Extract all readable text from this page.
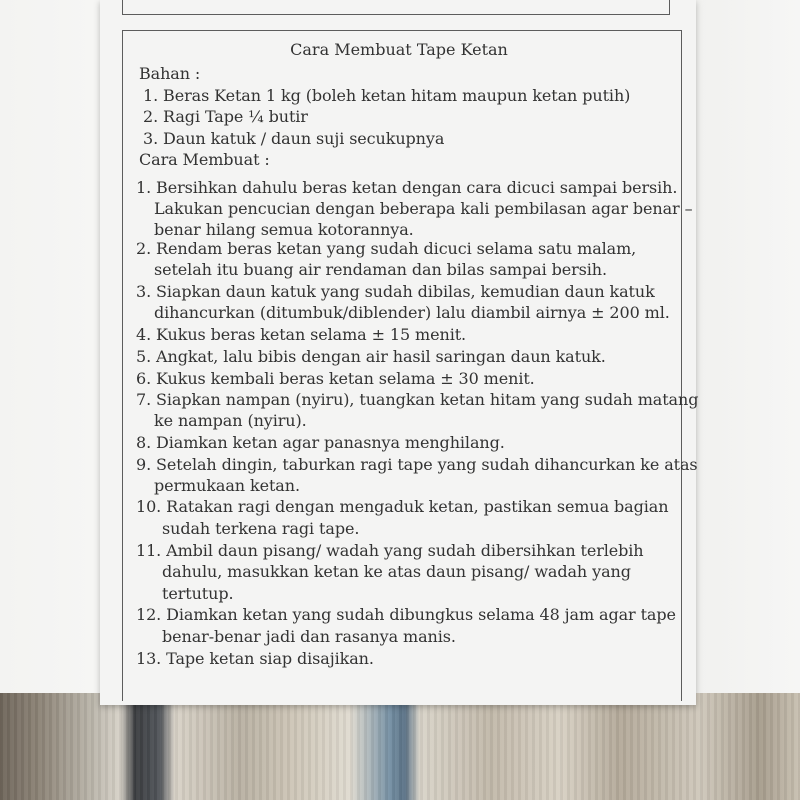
Cara Membuat Tape Ketan
Bahan :
1. Beras Ketan 1 kg (boleh ketan hitam maupun ketan putih)
2. Ragi Tape ¼ butir
3. Daun katuk / daun suji secukupnya
Cara Membuat :
1. Bersihkan dahulu beras ketan dengan cara dicuci sampai bersih.
Lakukan pencucian dengan beberapa kali pembilasan agar benar –
benar hilang semua kotorannya.
2. Rendam beras ketan yang sudah dicuci selama satu malam,
setelah itu buang air rendaman dan bilas sampai bersih.
3. Siapkan daun katuk yang sudah dibilas, kemudian daun katuk
dihancurkan (ditumbuk/diblender) lalu diambil airnya ± 200 ml.
4. Kukus beras ketan selama ± 15 menit.
5. Angkat, lalu bibis dengan air hasil saringan daun katuk.
6. Kukus kembali beras ketan selama ± 30 menit.
7. Siapkan nampan (nyiru), tuangkan ketan hitam yang sudah matang
ke nampan (nyiru).
8. Diamkan ketan agar panasnya menghilang.
9. Setelah dingin, taburkan ragi tape yang sudah dihancurkan ke atas
permukaan ketan.
10. Ratakan ragi dengan mengaduk ketan, pastikan semua bagian
sudah terkena ragi tape.
11. Ambil daun pisang/ wadah yang sudah dibersihkan terlebih
dahulu, masukkan ketan ke atas daun pisang/ wadah yang
tertutup.
12. Diamkan ketan yang sudah dibungkus selama 48 jam agar tape
benar-benar jadi dan rasanya manis.
13. Tape ketan siap disajikan.
